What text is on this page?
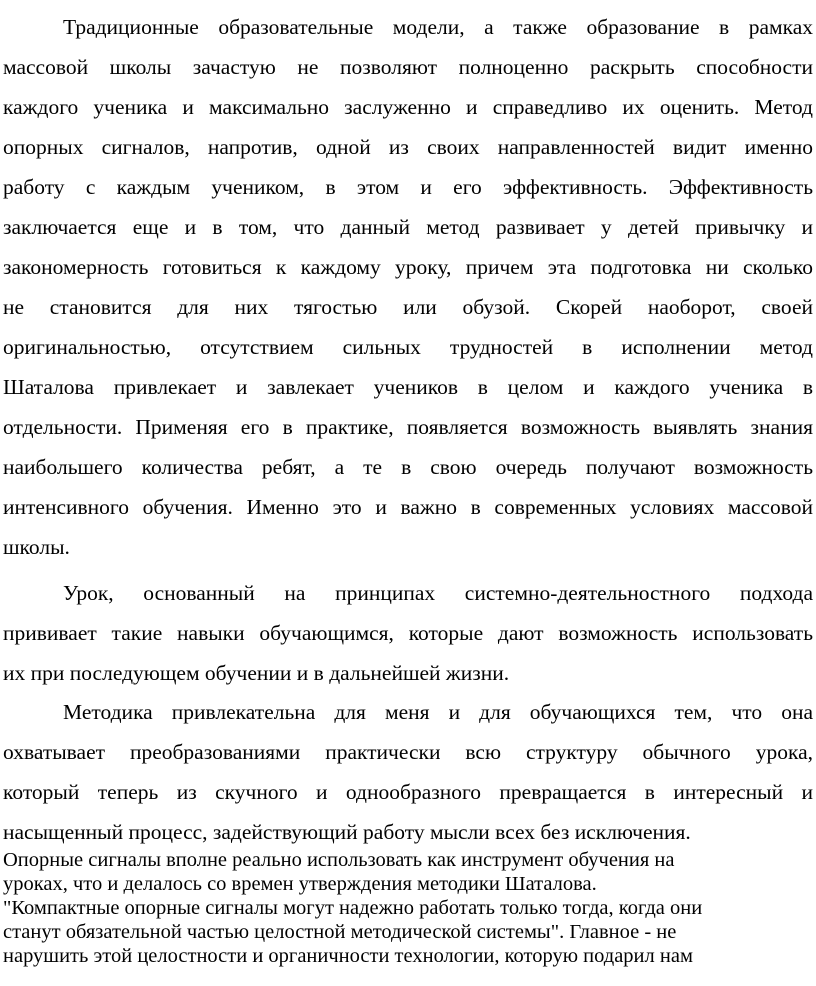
Традиционные образовательные модели, а также образование в рамках
массовой школы зачастую не позволяют полноценно раскрыть способности
каждого ученика и максимально заслуженно и справедливо их оценить. Метод
опорных сигналов, напротив, одной из своих направленностей видит именно
работу с каждым учеником, в этом и его эффективность. Эффективность
заключается еще и в том, что данный метод развивает у детей привычку и
закономерность готовиться к каждому уроку, причем эта подготовка ни сколько
не становится для них тягостью или обузой. Скорей наоборот, своей
оригинальностью, отсутствием сильных трудностей в исполнении метод
Шаталова привлекает и завлекает учеников в целом и каждого ученика в
отдельности. Применяя его в практике, появляется возможность выявлять знания
наибольшего количества ребят, а те в свою очередь получают возможность
интенсивного обучения. Именно это и важно в современных условиях массовой
школы.
Урок, основанный на принципах системно-деятельностного подхода
прививает такие навыки обучающимся, которые дают возможность использовать
их при последующем обучении и в дальнейшей жизни.
Методика привлекательна для меня и для обучающихся тем, что она
охватывает преобразованиями практически всю структуру обычного урока,
который теперь из скучного и однообразного превращается в интересный и
насыщенный процесс, задействующий работу мысли всех без исключения.
Опорные сигналы вполне реально использовать как инструмент обучения на
уроках, что и делалось со времен утверждения методики Шаталова.
"Компактные опорные сигналы могут надежно работать только тогда, когда они
станут обязательной частью целостной методической системы". Главное - не
нарушить этой целостности и органичности технологии, которую подарил нам
